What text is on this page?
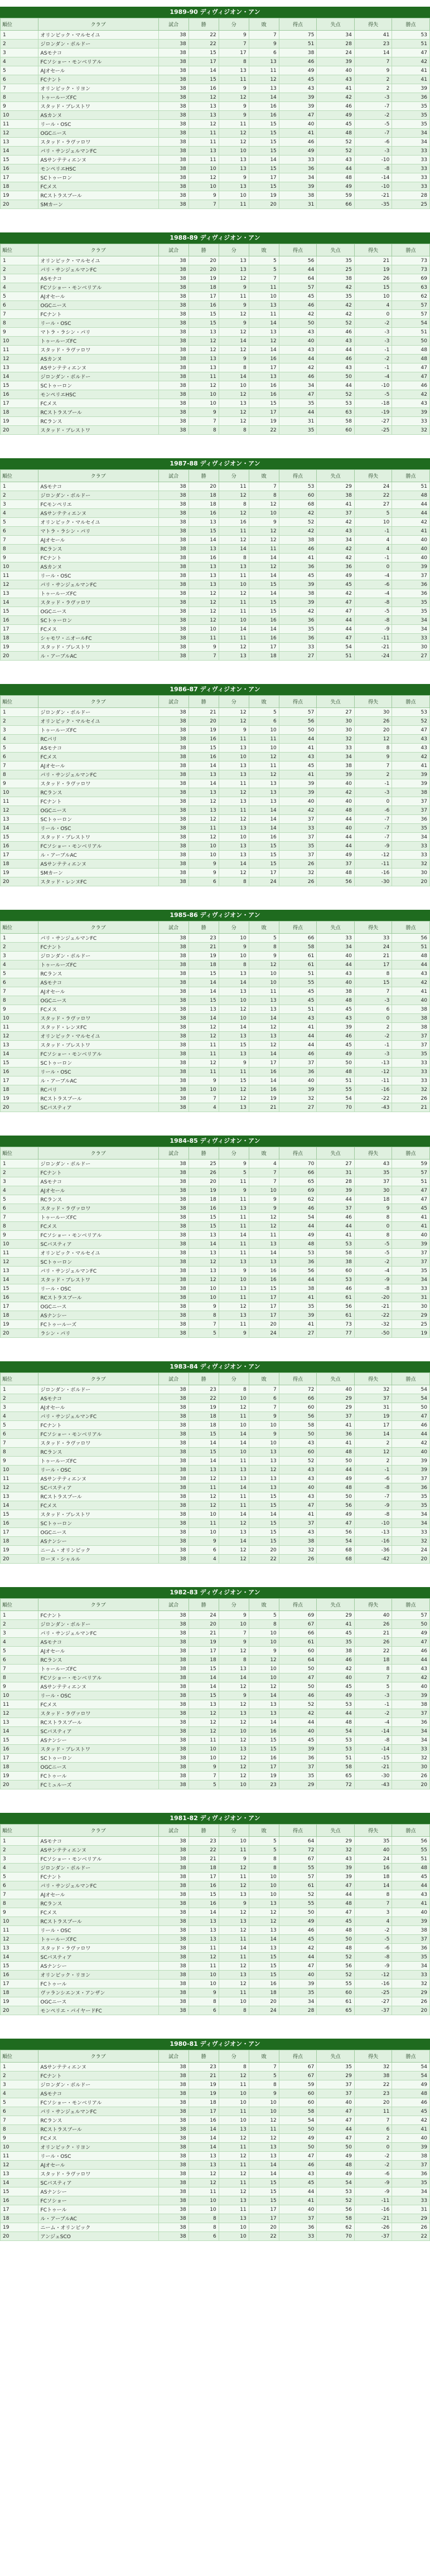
1989-90 ディヴィジオン・アン
順位	クラブ	試合	勝	分	敗	得点	失点	得失	勝点
1	オリンピック・マルセイユ	38	22	9	7	75	34	41	53
2	ジロンダン・ボルドー	38	22	7	9	51	28	23	51
3	ASモナコ	38	15	17	6	38	24	14	47
4	FCソショー・モンベリアル	38	17	8	13	46	39	7	42
5	AJオセール	38	14	13	11	49	40	9	41
6	FCナント	38	15	11	12	45	43	2	41
7	オリンピック・リヨン	38	16	9	13	43	41	2	39
8	トゥールーズFC	38	12	12	14	39	42	-3	36
9	スタッド・ブレストワ	38	13	9	16	39	46	-7	35
10	ASカンヌ	38	13	9	16	47	49	-2	35
11	リール・OSC	38	12	11	15	40	45	-5	35
12	OGCニース	38	11	12	15	41	48	-7	34
13	スタッド・ラヴァロワ	38	11	12	15	46	52	-6	34
14	パリ・サンジェルマンFC	38	13	10	15	49	52	-3	33
15	ASサンテティエンヌ	38	11	13	14	33	43	-10	33
16	モンペリエHSC	38	10	13	15	36	44	-8	33
17	SCトゥーロン	38	12	9	17	34	48	-14	33
18	FCメス	38	10	13	15	39	49	-10	33
19	RCストラスブール	38	9	10	19	38	59	-21	28
20	SMカーン	38	7	11	20	31	66	-35	25
1988-89 ディヴィジオン・アン
順位	クラブ	試合	勝	分	敗	得点	失点	得失	勝点
1	オリンピック・マルセイユ	38	20	13	5	56	35	21	73
2	パリ・サンジェルマンFC	38	20	13	5	44	25	19	73
3	ASモナコ	38	19	12	7	64	38	26	69
4	FCソショー・モンベリアル	38	18	9	11	57	42	15	63
5	AJオセール	38	17	11	10	45	35	10	62
6	OGCニース	38	16	9	13	46	42	4	57
7	FCナント	38	15	12	11	42	42	0	57
8	リール・OSC	38	15	9	14	50	52	-2	54
9	マトラ・ラシン・パリ	38	13	12	13	43	46	-3	51
10	トゥールーズFC	38	12	14	12	40	43	-3	50
11	スタッド・ラヴァロワ	38	12	12	14	43	44	-1	48
12	ASカンヌ	38	13	9	16	44	46	-2	48
13	ASサンテティエンヌ	38	13	8	17	42	43	-1	47
14	ジロンダン・ボルドー	38	11	14	13	46	50	-4	47
15	SCトゥーロン	38	12	10	16	34	44	-10	46
16	モンペリエHSC	38	10	12	16	47	52	-5	42
17	FCメス	38	10	13	15	35	53	-18	43
18	RCストラスブール	38	9	12	17	44	63	-19	39
19	RCランス	38	7	12	19	31	58	-27	33
20	スタッド・ブレストワ	38	8	8	22	35	60	-25	32
1987-88 ディヴィジオン・アン
順位	クラブ	試合	勝	分	敗	得点	失点	得失	勝点
1	ASモナコ	38	20	11	7	53	29	24	51
2	ジロンダン・ボルドー	38	18	12	8	60	38	22	48
3	FCモンペリエ	38	18	8	12	68	41	27	44
4	ASサンテティエンヌ	38	16	12	10	42	37	5	44
5	オリンピック・マルセイユ	38	13	16	9	52	42	10	42
6	マトラ・ラシン・パリ	38	15	11	12	42	43	-1	41
7	AJオセール	38	14	12	12	38	34	4	40
8	RCランス	38	13	14	11	46	42	4	40
9	FCナント	38	16	8	14	41	42	-1	40
10	ASカンヌ	38	13	13	12	36	36	0	39
11	リール・OSC	38	13	11	14	45	49	-4	37
12	パリ・サンジェルマンFC	38	13	10	15	39	45	-6	36
13	トゥールーズFC	38	12	12	14	38	42	-4	36
14	スタッド・ラヴァロワ	38	12	11	15	39	47	-8	35
15	OGCニース	38	12	11	15	42	47	-5	35
16	SCトゥーロン	38	12	10	16	36	44	-8	34
17	FCメス	38	10	14	14	35	44	-9	34
18	シャモワ・ニオールFC	38	11	11	16	36	47	-11	33
19	スタッド・ブレストワ	38	9	12	17	33	54	-21	30
20	ル・アーブルAC	38	7	13	18	27	51	-24	27
1986-87 ディヴィジオン・アン
順位	クラブ	試合	勝	分	敗	得点	失点	得失	勝点
1	ジロンダン・ボルドー	38	21	12	5	57	27	30	53
2	オリンピック・マルセイユ	38	20	12	6	56	30	26	52
3	トゥールーズFC	38	19	9	10	50	30	20	47
4	RCパリ	38	16	11	11	44	32	12	43
5	ASモナコ	38	15	13	10	41	33	8	43
6	FCメス	38	16	10	12	43	34	9	42
7	AJオセール	38	14	13	11	45	38	7	41
8	パリ・サンジェルマンFC	38	13	13	12	41	39	2	39
9	スタッド・ラヴァロワ	38	14	11	13	39	40	-1	39
10	RCランス	38	13	12	13	39	42	-3	38
11	FCナント	38	12	13	13	40	40	0	37
12	OGCニース	38	13	11	14	42	48	-6	37
13	SCトゥーロン	38	12	12	14	37	44	-7	36
14	リール・OSC	38	11	13	14	33	40	-7	35
15	スタッド・ブレストワ	38	12	10	16	37	44	-7	34
16	FCソショー・モンベリアル	38	10	13	15	35	44	-9	33
17	ル・アーブルAC	38	10	13	15	37	49	-12	33
18	ASサンテティエンヌ	38	9	14	15	26	37	-11	32
19	SMカーン	38	9	12	17	32	48	-16	30
20	スタッド・レンヌFC	38	6	8	24	26	56	-30	20
1985-86 ディヴィジオン・アン
順位	クラブ	試合	勝	分	敗	得点	失点	得失	勝点
1	パリ・サンジェルマンFC	38	23	10	5	66	33	33	56
2	FCナント	38	21	9	8	58	34	24	51
3	ジロンダン・ボルドー	38	19	10	9	61	40	21	48
4	トゥールーズFC	38	18	8	12	61	44	17	44
5	RCランス	38	15	13	10	51	43	8	43
6	ASモナコ	38	14	14	10	55	40	15	42
7	AJオセール	38	14	13	11	45	38	7	41
8	OGCニース	38	15	10	13	45	48	-3	40
9	FCメス	38	13	12	13	51	45	6	38
10	スタッド・ラヴァロワ	38	14	10	14	43	43	0	38
11	スタッド・レンヌFC	38	12	14	12	41	39	2	38
12	オリンピック・マルセイユ	38	12	13	13	44	46	-2	37
13	スタッド・ブレストワ	38	11	15	12	44	45	-1	37
14	FCソショー・モンベリアル	38	11	13	14	46	49	-3	35
15	SCトゥーロン	38	12	9	17	37	50	-13	33
16	リール・OSC	38	11	11	16	36	48	-12	33
17	ル・アーブルAC	38	9	15	14	40	51	-11	33
18	RCパリ	38	10	12	16	39	55	-16	32
19	RCストラスブール	38	7	12	19	32	54	-22	26
20	SCバスティア	38	4	13	21	27	70	-43	21
1984-85 ディヴィジオン・アン
順位	クラブ	試合	勝	分	敗	得点	失点	得失	勝点
1	ジロンダン・ボルドー	38	25	9	4	70	27	43	59
2	FCナント	38	26	5	7	66	31	35	57
3	ASモナコ	38	20	11	7	65	28	37	51
4	AJオセール	38	19	9	10	69	39	30	47
5	RCランス	38	18	11	9	62	44	18	47
6	スタッド・ラヴァロワ	38	16	13	9	46	37	9	45
7	トゥールーズFC	38	15	11	12	54	46	8	41
8	FCメス	38	15	11	12	44	44	0	41
9	FCソショー・モンベリアル	38	13	14	11	49	41	8	40
10	SCバスティア	38	14	11	13	48	53	-5	39
11	オリンピック・マルセイユ	38	13	11	14	53	58	-5	37
12	SCトゥーロン	38	12	13	13	36	38	-2	37
13	パリ・サンジェルマンFC	38	13	9	16	56	60	-4	35
14	スタッド・ブレストワ	38	12	10	16	44	53	-9	34
15	リール・OSC	38	10	13	15	38	46	-8	33
16	RCストラスブール	38	10	11	17	41	61	-20	31
17	OGCニース	38	9	12	17	35	56	-21	30
18	ASナンシー	38	8	13	17	39	61	-22	29
19	FCトゥールーズ	38	7	11	20	41	73	-32	25
20	ラシン・パリ	38	5	9	24	27	77	-50	19
1983-84 ディヴィジオン・アン
順位	クラブ	試合	勝	分	敗	得点	失点	得失	勝点
1	ジロンダン・ボルドー	38	23	8	7	72	40	32	54
2	ASモナコ	38	22	10	6	66	29	37	54
3	AJオセール	38	19	12	7	60	29	31	50
4	パリ・サンジェルマンFC	38	18	11	9	56	37	19	47
5	FCナント	38	18	10	10	58	41	17	46
6	FCソショー・モンベリアル	38	15	14	9	50	36	14	44
7	スタッド・ラヴァロワ	38	14	14	10	43	41	2	42
8	RCランス	38	15	10	13	60	48	12	40
9	トゥールーズFC	38	14	11	13	52	50	2	39
10	リール・OSC	38	13	13	12	43	44	-1	39
11	ASサンテティエンヌ	38	12	13	13	43	49	-6	37
12	SCバスティア	38	11	14	13	40	48	-8	36
13	RCストラスブール	38	12	11	15	43	50	-7	35
14	FCメス	38	12	11	15	47	56	-9	35
15	スタッド・ブレストワ	38	10	14	14	41	49	-8	34
16	SCトゥーロン	38	11	12	15	37	47	-10	34
17	OGCニース	38	10	13	15	43	56	-13	33
18	ASナンシー	38	9	14	15	38	54	-16	32
19	ニーム・オリンピック	38	6	12	20	32	68	-36	24
20	ローヌ・シャルル	38	4	12	22	26	68	-42	20
1982-83 ディヴィジオン・アン
順位	クラブ	試合	勝	分	敗	得点	失点	得失	勝点
1	FCナント	38	24	9	5	69	29	40	57
2	ジロンダン・ボルドー	38	20	10	8	67	41	26	50
3	パリ・サンジェルマンFC	38	21	7	10	66	45	21	49
4	ASモナコ	38	19	9	10	61	35	26	47
5	AJオセール	38	17	12	9	60	38	22	46
6	RCランス	38	18	8	12	64	46	18	44
7	トゥールーズFC	38	15	13	10	50	42	8	43
8	FCソショー・モンベリアル	38	14	14	10	47	40	7	42
9	ASサンテティエンヌ	38	14	12	12	50	45	5	40
10	リール・OSC	38	15	9	14	46	49	-3	39
11	FCメス	38	13	12	13	52	53	-1	38
12	スタッド・ラヴァロワ	38	12	13	13	42	44	-2	37
13	RCストラスブール	38	12	12	14	44	48	-4	36
14	SCバスティア	38	12	10	16	40	54	-14	34
15	ASナンシー	38	11	12	15	45	53	-8	34
16	スタッド・ブレストワ	38	10	13	15	39	53	-14	33
17	SCトゥーロン	38	10	12	16	36	51	-15	32
18	OGCニース	38	9	12	17	37	58	-21	30
19	FCトゥール	38	7	12	19	35	65	-30	26
20	FCミュルーズ	38	5	10	23	29	72	-43	20
1981-82 ディヴィジオン・アン
順位	クラブ	試合	勝	分	敗	得点	失点	得失	勝点
1	ASモナコ	38	23	10	5	64	29	35	56
2	ASサンテティエンヌ	38	22	11	5	72	32	40	55
3	FCソショー・モンベリアル	38	21	9	8	67	43	24	51
4	ジロンダン・ボルドー	38	18	12	8	55	39	16	48
5	FCナント	38	17	11	10	57	39	18	45
6	パリ・サンジェルマンFC	38	16	12	10	61	47	14	44
7	AJオセール	38	15	13	10	52	44	8	43
8	RCランス	38	16	9	13	55	48	7	41
9	FCメス	38	14	12	12	50	47	3	40
10	RCストラスブール	38	13	13	12	49	45	4	39
11	リール・OSC	38	13	12	13	46	48	-2	38
12	トゥールーズFC	38	13	11	14	45	50	-5	37
13	スタッド・ラヴァロワ	38	11	14	13	42	48	-6	36
14	SCバスティア	38	12	11	15	44	52	-8	35
15	ASナンシー	38	11	12	15	47	56	-9	34
16	オリンピック・リヨン	38	10	13	15	40	52	-12	33
17	FCトゥール	38	10	12	16	39	55	-16	32
18	ヴァランシエンヌ・アンザン	38	9	11	18	35	60	-25	29
19	OGCニース	38	8	10	20	34	61	-27	26
20	モンペリエ・パイヤードFC	38	6	8	24	28	65	-37	20
1980-81 ディヴィジオン・アン
順位	クラブ	試合	勝	分	敗	得点	失点	得失	勝点
1	ASサンテティエンヌ	38	23	8	7	67	35	32	54
2	FCナント	38	21	12	5	67	29	38	54
3	ジロンダン・ボルドー	38	19	11	8	59	37	22	49
4	ASモナコ	38	19	10	9	60	37	23	48
5	FCソショー・モンベリアル	38	18	10	10	60	40	20	46
6	パリ・サンジェルマンFC	38	17	11	10	58	47	11	45
7	RCランス	38	16	10	12	54	47	7	42
8	RCストラスブール	38	14	13	11	50	44	6	41
9	FCメス	38	14	12	12	49	47	2	40
10	オリンピック・リヨン	38	14	11	13	50	50	0	39
11	リール・OSC	38	13	12	13	47	49	-2	38
12	AJオセール	38	13	11	14	46	48	-2	37
13	スタッド・ラヴァロワ	38	12	12	14	43	49	-6	36
14	SCバスティア	38	12	11	15	45	54	-9	35
15	ASナンシー	38	11	12	15	44	53	-9	34
16	FCソショー	38	10	13	15	41	52	-11	33
17	FCトゥール	38	10	11	17	40	56	-16	31
18	ル・アーブルAC	38	8	13	17	37	58	-21	29
19	ニーム・オリンピック	38	8	10	20	36	62	-26	26
20	アンジェSCO	38	6	10	22	33	70	-37	22
